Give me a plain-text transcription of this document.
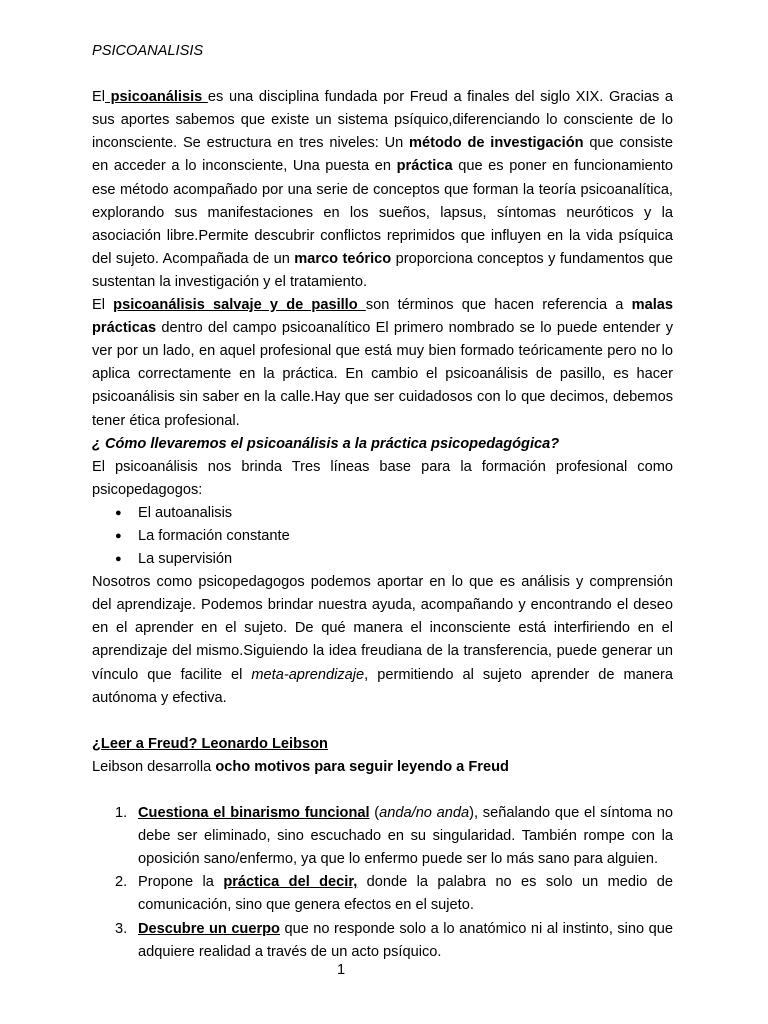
PSICOANALISIS

El psicoanálisis es una disciplina fundada por Freud a finales del siglo XIX. Gracias a sus aportes sabemos que existe un sistema psíquico,diferenciando lo consciente de lo inconsciente. Se estructura en tres niveles: Un método de investigación que consiste en acceder a lo inconsciente, Una puesta en práctica que es poner en funcionamiento ese método acompañado por una serie de conceptos que forman la teoría psicoanalítica, explorando sus manifestaciones en los sueños, lapsus, síntomas neuróticos y la asociación libre.Permite descubrir conflictos reprimidos que influyen en la vida psíquica del sujeto. Acompañada de un marco teórico proporciona conceptos y fundamentos que sustentan la investigación y el tratamiento.

El psicoanálisis salvaje y de pasillo son términos que hacen referencia a malas prácticas dentro del campo psicoanalítico El primero nombrado se lo puede entender y ver por un lado, en aquel profesional que está muy bien formado teóricamente pero no lo aplica correctamente en la práctica. En cambio el psicoanálisis de pasillo, es hacer psicoanálisis sin saber en la calle.Hay que ser cuidadosos con lo que decimos, debemos tener ética profesional.

¿ Cómo llevaremos el psicoanálisis a la práctica psicopedagógica?

El psicoanálisis nos brinda Tres líneas base para la formación profesional como psicopedagogos:

● El autoanalisis
● La formación constante
● La supervisión

Nosotros como psicopedagogos podemos aportar en lo que es análisis y comprensión del aprendizaje. Podemos brindar nuestra ayuda, acompañando y encontrando el deseo en el aprender en el sujeto. De qué manera el inconsciente está interfiriendo en el aprendizaje del mismo.Siguiendo la idea freudiana de la transferencia, puede generar un vínculo que facilite el meta-aprendizaje, permitiendo al sujeto aprender de manera autónoma y efectiva.

¿Leer a Freud? Leonardo Leibson

Leibson desarrolla ocho motivos para seguir leyendo a Freud

1. Cuestiona el binarismo funcional (anda/no anda), señalando que el síntoma no debe ser eliminado, sino escuchado en su singularidad. También rompe con la oposición sano/enfermo, ya que lo enfermo puede ser lo más sano para alguien.
2. Propone la práctica del decir, donde la palabra no es solo un medio de comunicación, sino que genera efectos en el sujeto.
3. Descubre un cuerpo que no responde solo a lo anatómico ni al instinto, sino que adquiere realidad a través de un acto psíquico.
1
